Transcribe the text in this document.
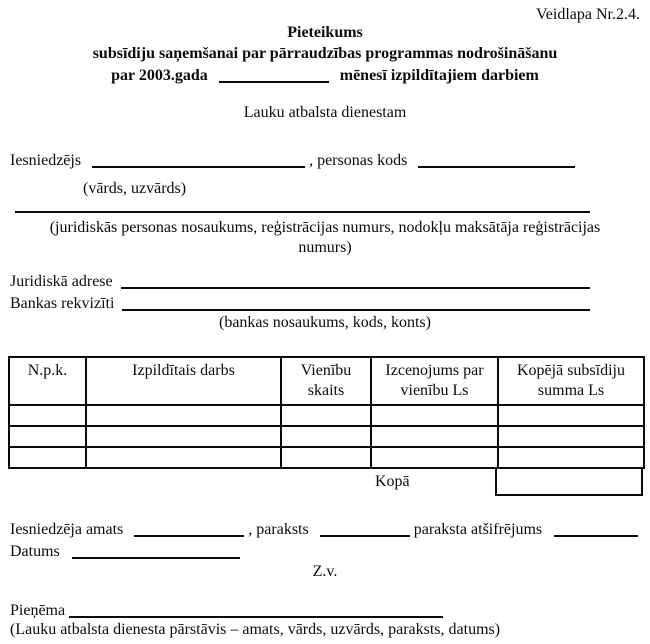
Veidlapa Nr.2.4.
Pieteikums
subsīdiju saņemšanai par pārraudzības programmas nodrošināšanu
par 2003.gada	mēnesī izpildītajiem darbiem
Lauku atbalsta dienestam
Iesniedzējs	, personas kods
(vārds, uzvārds)
(juridiskās personas nosaukums, reģistrācijas numurs, nodokļu maksātāja reģistrācijas
numurs)
Juridiskā adrese
Bankas rekvizīti
(bankas nosaukums, kods, konts)
N.p.k.	Izpildītais darbs	Vienību skaits	Izcenojums par vienību Ls	Kopējā subsīdiju summa Ls

Kopā
Iesniedzēja amats	, paraksts	paraksta atšifrējums
Datums
Z.v.
Pieņēma
(Lauku atbalsta dienesta pārstāvis – amats, vārds, uzvārds, paraksts, datums)
